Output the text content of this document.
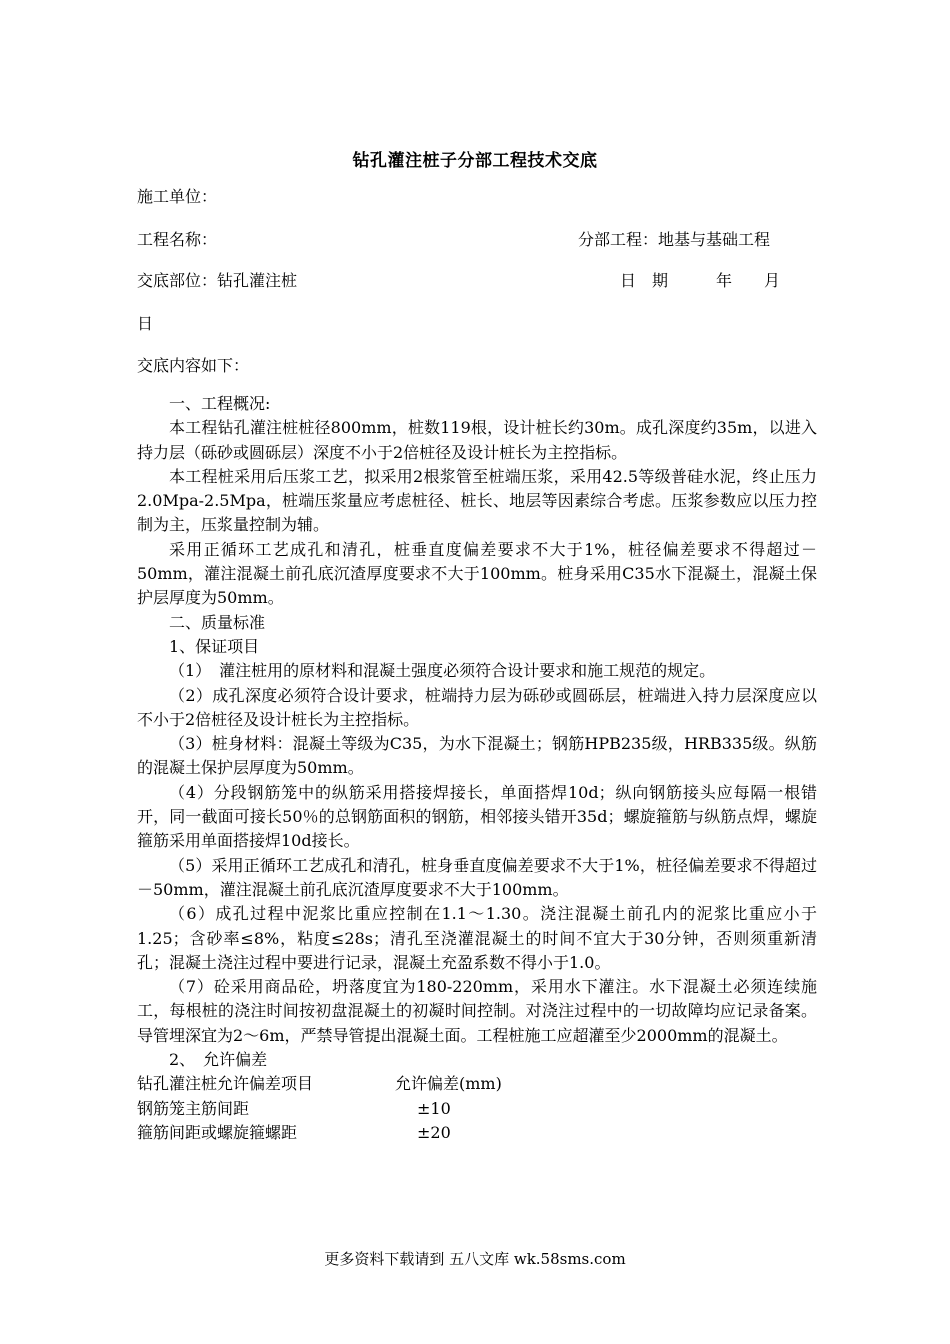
钻孔灌注桩子分部工程技术交底
施工单位：
工程名称：	分部工程：地基与基础工程
交底部位：钻孔灌注桩	日　期　　　年　　月
日
交底内容如下：

一、工程概况:

本工程钻孔灌注桩桩径800mm，桩数119根，设计桩长约30m。成孔深度约35m，以进入持力层（砾砂或圆砾层）深度不小于2倍桩径及设计桩长为主控指标。

本工程桩采用后压浆工艺，拟采用2根浆管至桩端压浆，采用42.5等级普硅水泥，终止压力2.0Mpa-2.5Mpa，桩端压浆量应考虑桩径、桩长、地层等因素综合考虑。压浆参数应以压力控制为主，压浆量控制为辅。

采用正循环工艺成孔和清孔，桩垂直度偏差要求不大于1%，桩径偏差要求不得超过－50mm，灌注混凝土前孔底沉渣厚度要求不大于100mm。桩身采用C35水下混凝土，混凝土保护层厚度为50mm。

二、质量标准

1、保证项目

（1）　灌注桩用的原材料和混凝土强度必须符合设计要求和施工规范的规定。

（2）成孔深度必须符合设计要求，桩端持力层为砾砂或圆砾层，桩端进入持力层深度应以不小于2倍桩径及设计桩长为主控指标。

（3）桩身材料：混凝土等级为C35，为水下混凝土；钢筋HPB235级，HRB335级。纵筋的混凝土保护层厚度为50mm。

（4）分段钢筋笼中的纵筋采用搭接焊接长，单面搭焊10d；纵向钢筋接头应每隔一根错开，同一截面可接长50％的总钢筋面积的钢筋，相邻接头错开35d；螺旋箍筋与纵筋点焊，螺旋箍筋采用单面搭接焊10d接长。

（5）采用正循环工艺成孔和清孔，桩身垂直度偏差要求不大于1%，桩径偏差要求不得超过－50mm，灌注混凝土前孔底沉渣厚度要求不大于100mm。

（6）成孔过程中泥浆比重应控制在1.1～1.30。浇注混凝土前孔内的泥浆比重应小于1.25；含砂率≤8%，粘度≤28s；清孔至浇灌混凝土的时间不宜大于30分钟，否则须重新清孔；混凝土浇注过程中要进行记录，混凝土充盈系数不得小于1.0。

（7）砼采用商品砼，坍落度宜为180-220mm，采用水下灌注。水下混凝土必须连续施工，每根桩的浇注时间按初盘混凝土的初凝时间控制。对浇注过程中的一切故障均应记录备案。导管埋深宜为2～6m，严禁导管提出混凝土面。工程桩施工应超灌至少2000mm的混凝土。

2、　允许偏差

钻孔灌注桩允许偏差项目	允许偏差(mm)
钢筋笼主筋间距	±10
箍筋间距或螺旋箍螺距	±20
更多资料下载请到 五八文库 wk.58sms.com
